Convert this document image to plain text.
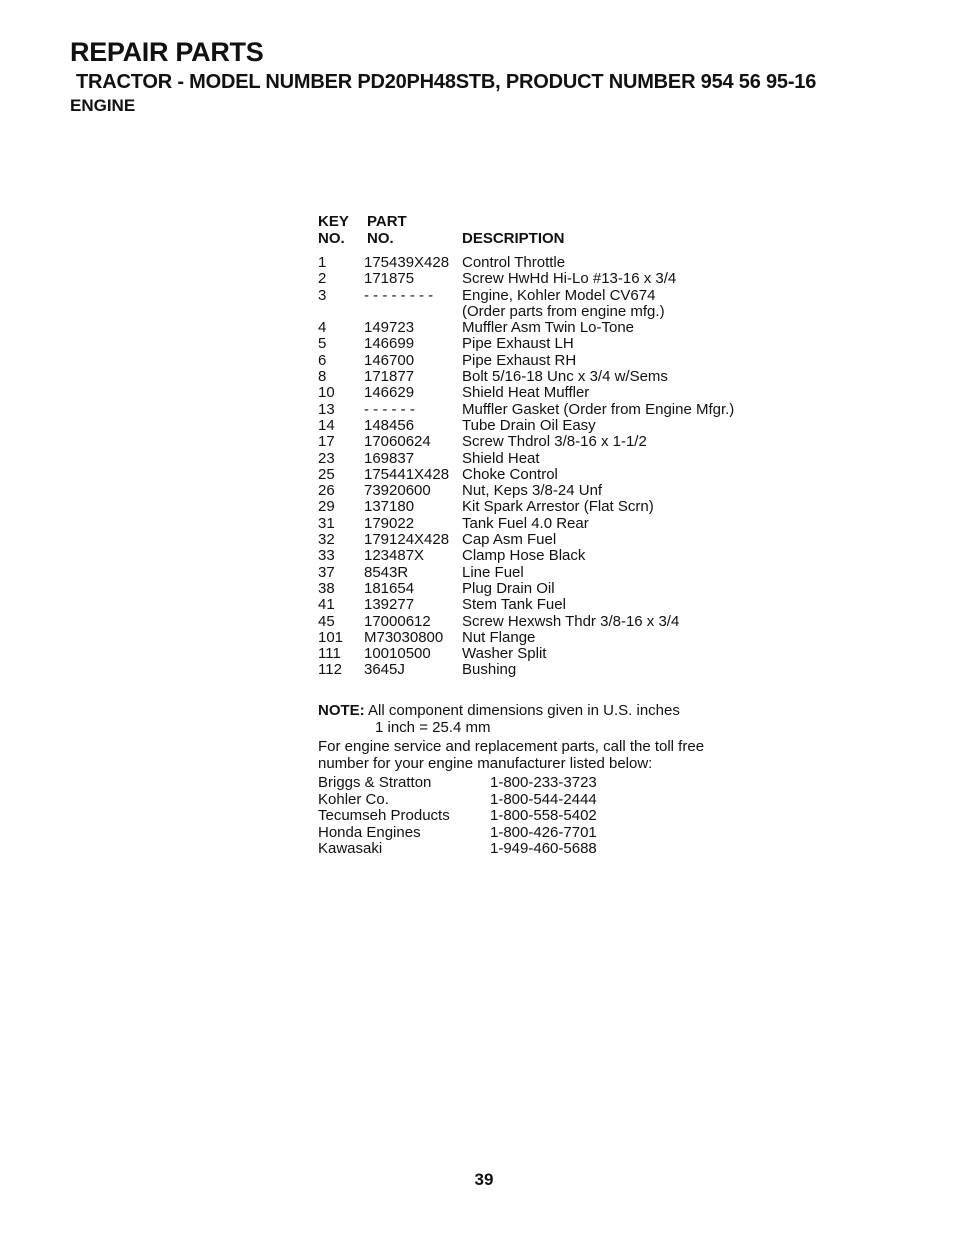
REPAIR PARTS
TRACTOR - MODEL NUMBER PD20PH48STB, PRODUCT NUMBER 954 56 95-16
ENGINE
KEY
NO.
PART
NO.
	DESCRIPTION
1	175439X428 Control Throttle
2	171875	Screw HwHd Hi-Lo #13-16 x 3/4
3	- - - - - - - -	Engine, Kohler Model CV674
(Order parts from engine mfg.)
4	149723	Muffler Asm Twin Lo-Tone
5	146699	Pipe Exhaust LH
6	146700	Pipe Exhaust RH
8	171877	Bolt 5/16-18 Unc x 3/4 w/Sems
10	146629	Shield Heat Muffler
13	- - - - - -	Muffler Gasket (Order from Engine Mfgr.)
14	148456	Tube Drain Oil Easy
17	17060624	Screw Thdrol 3/8-16 x 1-1/2
23	169837	Shield Heat
25	175441X428 Choke Control
26	73920600	Nut, Keps 3/8-24 Unf
29	137180	Kit Spark Arrestor (Flat Scrn)
31	179022	Tank Fuel 4.0 Rear
32	179124X428 Cap Asm Fuel
33	123487X	Clamp Hose Black
37	8543R	Line Fuel
38	181654	Plug Drain Oil
41	139277	Stem Tank Fuel
45	17000612	Screw Hexwsh Thdr 3/8-16 x 3/4
101	M73030800	Nut Flange
111	10010500	Washer Split
112	3645J	Bushing
NOTE: All component dimensions given in U.S. inches
1 inch = 25.4 mm
For engine service and replacement parts, call the toll free
number for your engine manufacturer listed below:
Briggs & Stratton	1-800-233-3723
Kohler Co.	1-800-544-2444
Tecumseh Products	1-800-558-5402
Honda Engines	1-800-426-7701
Kawasaki	1-949-460-5688
39
